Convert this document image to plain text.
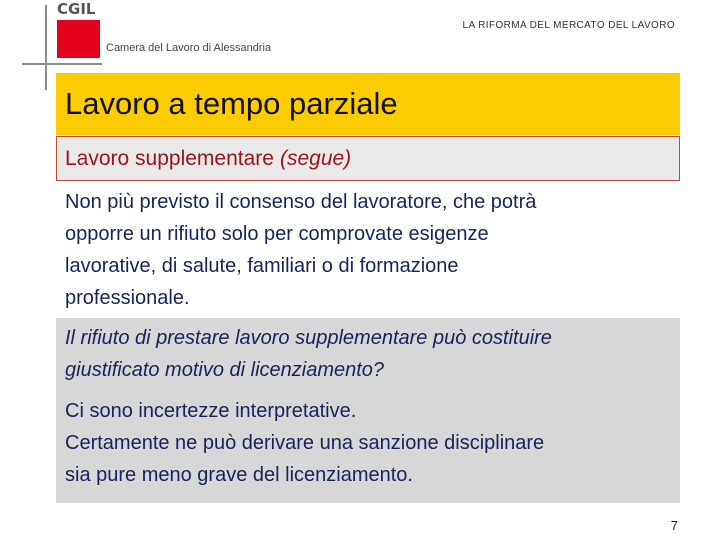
CGIL
Camera del Lavoro di Alessandria
LA RIFORMA DEL MERCATO DEL LAVORO
Lavoro a tempo parziale
Lavoro supplementare (segue)
Non più previsto il consenso del lavoratore, che potrà
opporre un rifiuto solo per comprovate esigenze
lavorative, di salute, familiari o di formazione
professionale.
Il rifiuto di prestare lavoro supplementare può costituire
giustificato motivo di licenziamento?
Ci sono incertezze interpretative.
Certamente ne può derivare una sanzione disciplinare
sia pure meno grave del licenziamento.
7
